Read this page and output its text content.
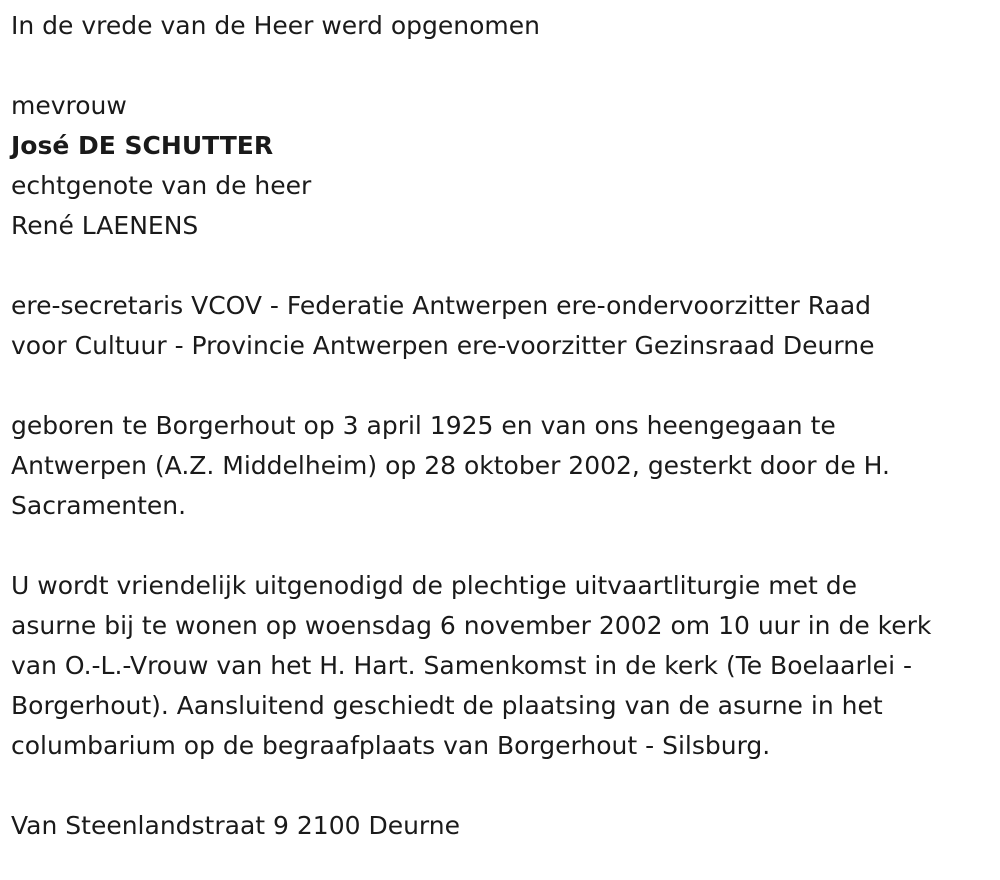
In de vrede van de Heer werd opgenomen
mevrouw
José DE SCHUTTER
echtgenote van de heer
René LAENENS
ere-secretaris VCOV - Federatie Antwerpen ere-ondervoorzitter Raad
voor Cultuur - Provincie Antwerpen ere-voorzitter Gezinsraad Deurne
geboren te Borgerhout op 3 april 1925 en van ons heengegaan te
Antwerpen (A.Z. Middelheim) op 28 oktober 2002, gesterkt door de H.
Sacramenten.
U wordt vriendelijk uitgenodigd de plechtige uitvaartliturgie met de
asurne bij te wonen op woensdag 6 november 2002 om 10 uur in de kerk
van O.-L.-Vrouw van het H. Hart. Samenkomst in de kerk (Te Boelaarlei -
Borgerhout). Aansluitend geschiedt de plaatsing van de asurne in het
columbarium op de begraafplaats van Borgerhout - Silsburg.
Van Steenlandstraat 9 2100 Deurne
